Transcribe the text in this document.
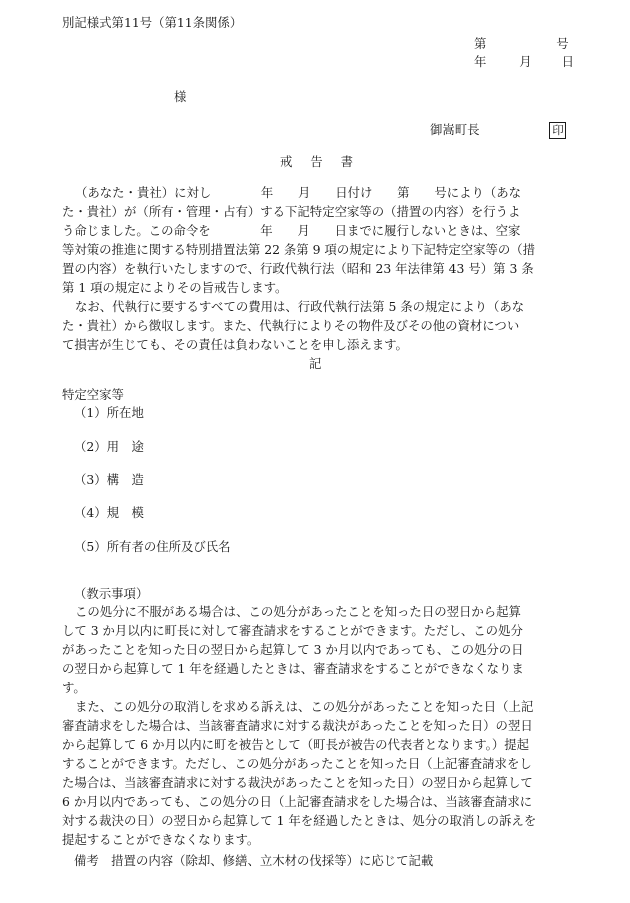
別記様式第11号（第11条関係）
第	号
年	月 日
様
御嵩町長	印
戒 告 書
（あなた・貴社）に対し　　　　年　　月　　日付け　　第　　号により（あな
た・貴社）が（所有・管理・占有）する下記特定空家等の（措置の内容）を行うよ
う命じました。この命令を　　　　年　　月　　日までに履行しないときは、空家
等対策の推進に関する特別措置法第 22 条第 9 項の規定により下記特定空家等の（措
置の内容）を執行いたしますので、行政代執行法（昭和 23 年法律第 43 号）第 3 条
第 1 項の規定によりその旨戒告します。
なお、代執行に要するすべての費用は、行政代執行法第 5 条の規定により（あな
た・貴社）から徴収します。また、代執行によりその物件及びその他の資材につい
て損害が生じても、その責任は負わないことを申し添えます。
記
特定空家等
（1）所在地
（2）用　途
（3）構　造
（4）規　模
（5）所有者の住所及び氏名
（教示事項）
この処分に不服がある場合は、この処分があったことを知った日の翌日から起算
して 3 か月以内に町長に対して審査請求をすることができます。ただし、この処分
があったことを知った日の翌日から起算して 3 か月以内であっても、この処分の日
の翌日から起算して 1 年を経過したときは、審査請求をすることができなくなりま
す。
また、この処分の取消しを求める訴えは、この処分があったことを知った日（上記
審査請求をした場合は、当該審査請求に対する裁決があったことを知った日）の翌日
から起算して 6 か月以内に町を被告として（町長が被告の代表者となります。）提起
することができます。ただし、この処分があったことを知った日（上記審査請求をし
た場合は、当該審査請求に対する裁決があったことを知った日）の翌日から起算して
6 か月以内であっても、この処分の日（上記審査請求をした場合は、当該審査請求に
対する裁決の日）の翌日から起算して 1 年を経過したときは、処分の取消しの訴えを
提起することができなくなります。
備考　措置の内容（除却、修繕、立木材の伐採等）に応じて記載
